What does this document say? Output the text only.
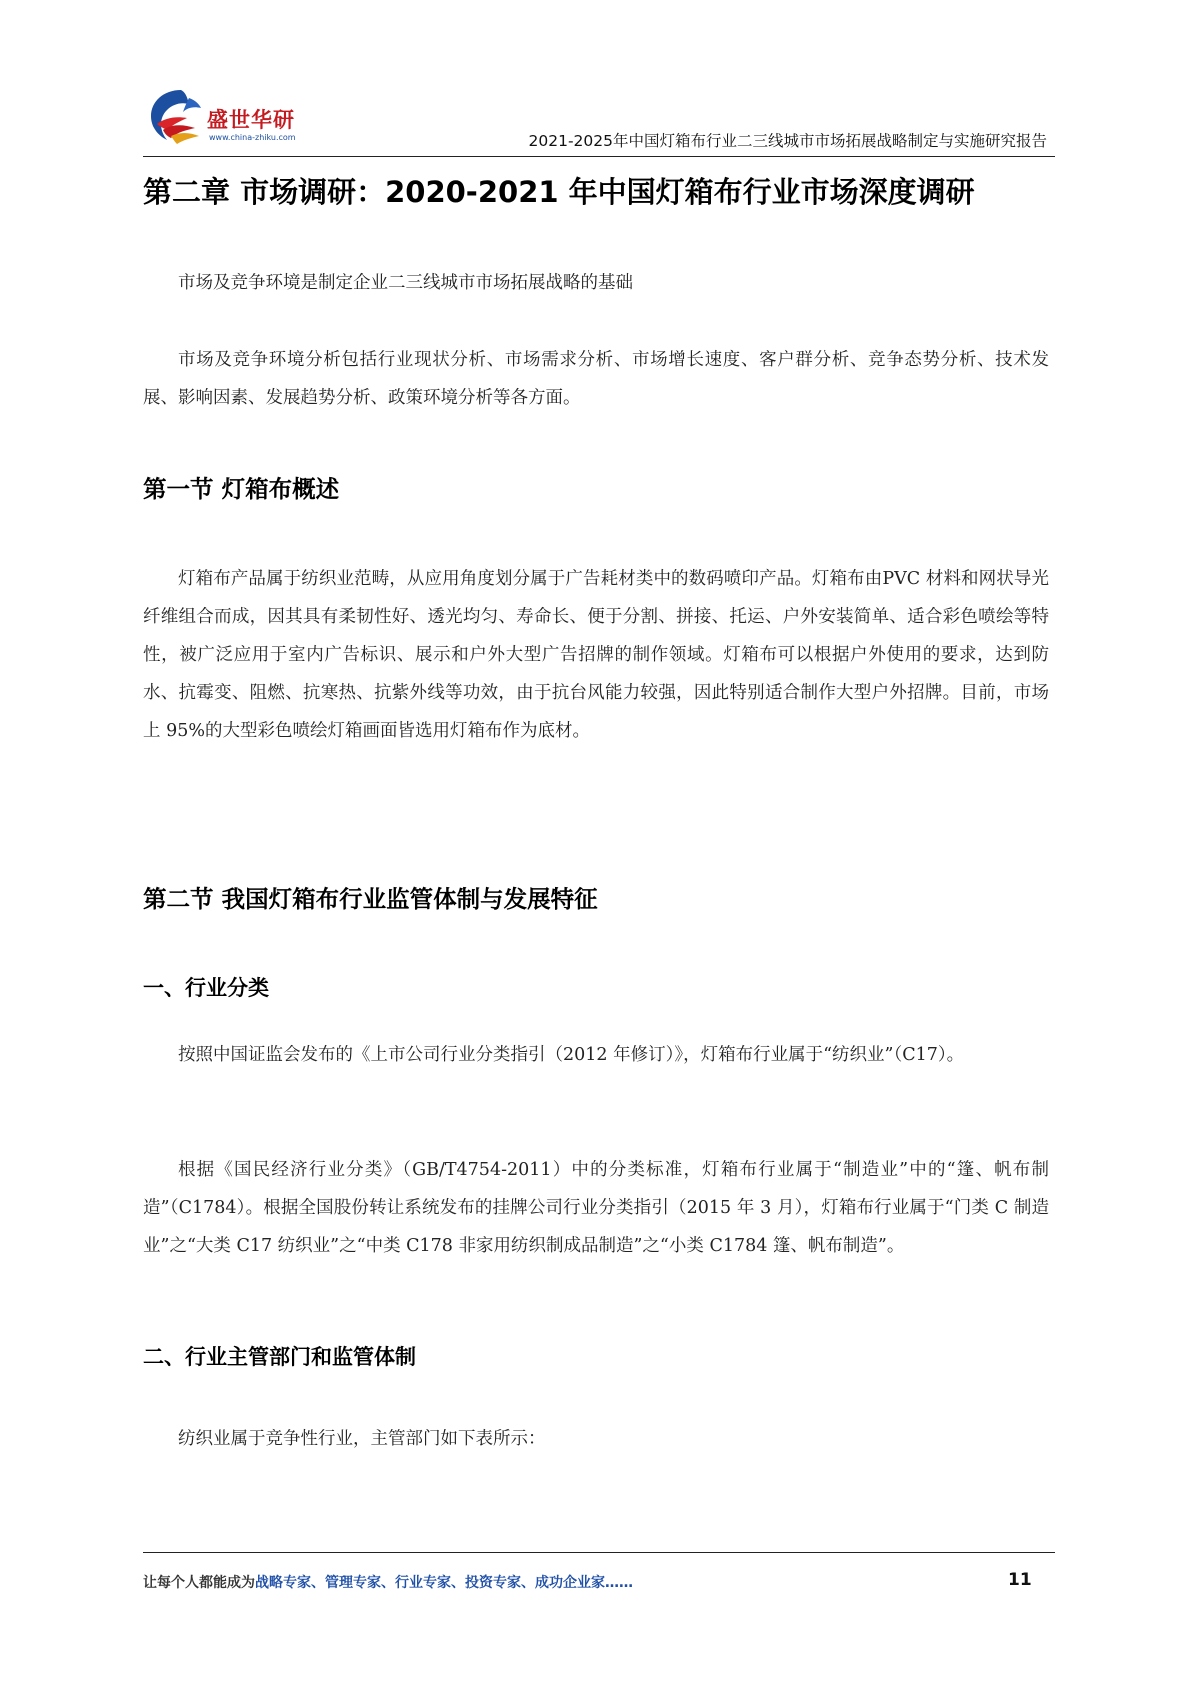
盛世华研
www.china-zhiku.com	2021-2025年中国灯箱布行业二三线城市市场拓展战略制定与实施研究报告
第二章 市场调研：2020-2021 年中国灯箱布行业市场深度调研

市场及竞争环境是制定企业二三线城市市场拓展战略的基础

市场及竞争环境分析包括行业现状分析、市场需求分析、市场增长速度、客户群分析、竞争态势分析、技术发展、影响因素、发展趋势分析、政策环境分析等各方面。

第一节 灯箱布概述

灯箱布产品属于纺织业范畴，从应用角度划分属于广告耗材类中的数码喷印产品。灯箱布由PVC 材料和网状导光纤维组合而成，因其具有柔韧性好、透光均匀、寿命长、便于分割、拼接、托运、户外安装简单、适合彩色喷绘等特性，被广泛应用于室内广告标识、展示和户外大型广告招牌的制作领域。灯箱布可以根据户外使用的要求，达到防水、抗霉变、阻燃、抗寒热、抗紫外线等功效，由于抗台风能力较强，因此特别适合制作大型户外招牌。目前，市场上 95%的大型彩色喷绘灯箱画面皆选用灯箱布作为底材。

第二节 我国灯箱布行业监管体制与发展特征
一、行业分类

按照中国证监会发布的《上市公司行业分类指引（2012 年修订）》，灯箱布行业属于“纺织业”（C17）。

根据《国民经济行业分类》（GB/T4754-2011）中的分类标准，灯箱布行业属于“制造业”中的“篷、帆布制造”（C1784）。根据全国股份转让系统发布的挂牌公司行业分类指引（2015 年 3 月），灯箱布行业属于“门类 C 制造业”之“大类 C17 纺织业”之“中类 C178 非家用纺织制成品制造”之“小类 C1784 篷、帆布制造”。

二、行业主管部门和监管体制

纺织业属于竞争性行业，主管部门如下表所示：

让每个人都能成为战略专家、管理专家、行业专家、投资专家、成功企业家……	11
